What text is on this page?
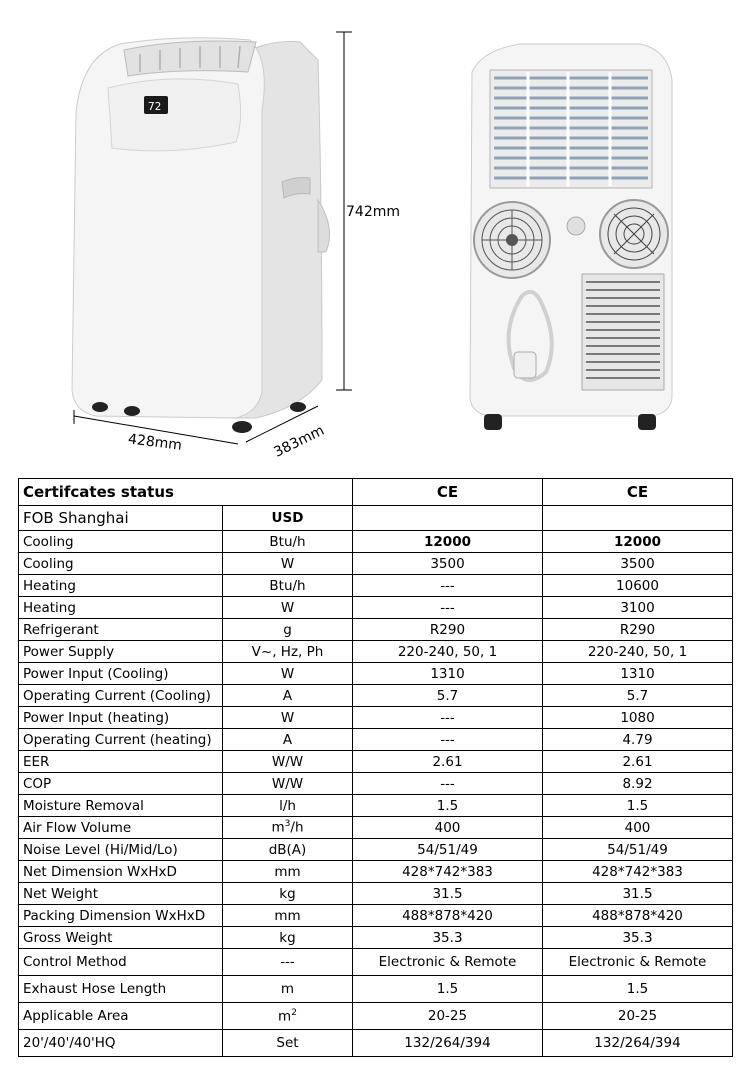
72
742mm
428mm	383mm
Certifcates status		CE	CE
FOB Shanghai	USD		
Cooling	Btu/h	12000	12000
Cooling	W	3500	3500
Heating	Btu/h	---	10600
Heating	W	---	3100
Refrigerant	g	R290	R290
Power Supply	V~, Hz, Ph	220-240, 50, 1	220-240, 50, 1
Power Input (Cooling)	W	1310	1310
Operating Current (Cooling)	A	5.7	5.7
Power Input (heating)	W	---	1080
Operating Current (heating)	A	---	4.79
EER	W/W	2.61	2.61
COP	W/W	---	8.92
Moisture Removal	l/h	1.5	1.5
Air Flow Volume	$m^3/h$	400	400
Noise Level (Hi/Mid/Lo)	dB(A)	54/51/49	54/51/49
Net Dimension WxHxD	mm	428*742*383	428*742*383
Net Weight	kg	31.5	31.5
Packing Dimension WxHxD	mm	488*878*420	488*878*420
Gross Weight	kg	35.3	35.3
Control Method	---	Electronic & Remote	Electronic & Remote
Exhaust Hose Length	m	1.5	1.5
Applicable Area	$m^2$	20-25	20-25
20'/40'/40'HQ	Set	132/264/394	132/264/394
